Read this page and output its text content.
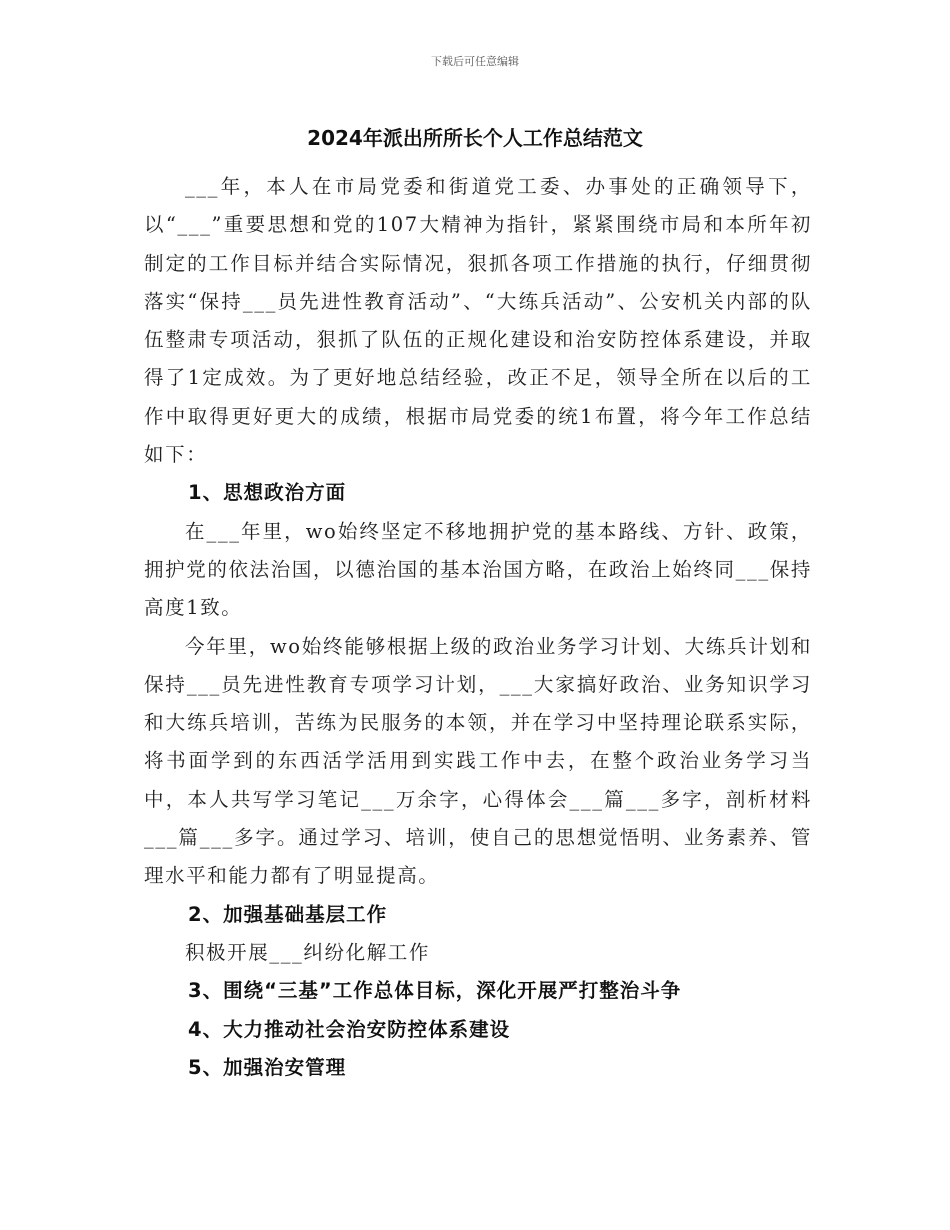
下载后可任意编辑
2024年派出所所长个人工作总结范文

___年，本人在市局党委和街道党工委、办事处的正确领导下，以“___”重要思想和党的107大精神为指针，紧紧围绕市局和本所年初制定的工作目标并结合实际情况，狠抓各项工作措施的执行，仔细贯彻落实“保持___员先进性教育活动”、“大练兵活动”、公安机关内部的队伍整肃专项活动，狠抓了队伍的正规化建设和治安防控体系建设，并取得了1定成效。为了更好地总结经验，改正不足，领导全所在以后的工作中取得更好更大的成绩，根据市局党委的统1布置，将今年工作总结如下：

1、思想政治方面

在___年里，wo始终坚定不移地拥护党的基本路线、方针、政策，拥护党的依法治国，以德治国的基本治国方略，在政治上始终同___保持高度1致。

今年里，wo始终能够根据上级的政治业务学习计划、大练兵计划和保持___员先进性教育专项学习计划，___大家搞好政治、业务知识学习和大练兵培训，苦练为民服务的本领，并在学习中坚持理论联系实际，将书面学到的东西活学活用到实践工作中去，在整个政治业务学习当中，本人共写学习笔记___万余字，心得体会___篇___多字，剖析材料___篇___多字。通过学习、培训，使自己的思想觉悟明、业务素养、管理水平和能力都有了明显提高。

2、加强基础基层工作

积极开展___纠纷化解工作

3、围绕“三基”工作总体目标，深化开展严打整治斗争

4、大力推动社会治安防控体系建设

5、加强治安管理
